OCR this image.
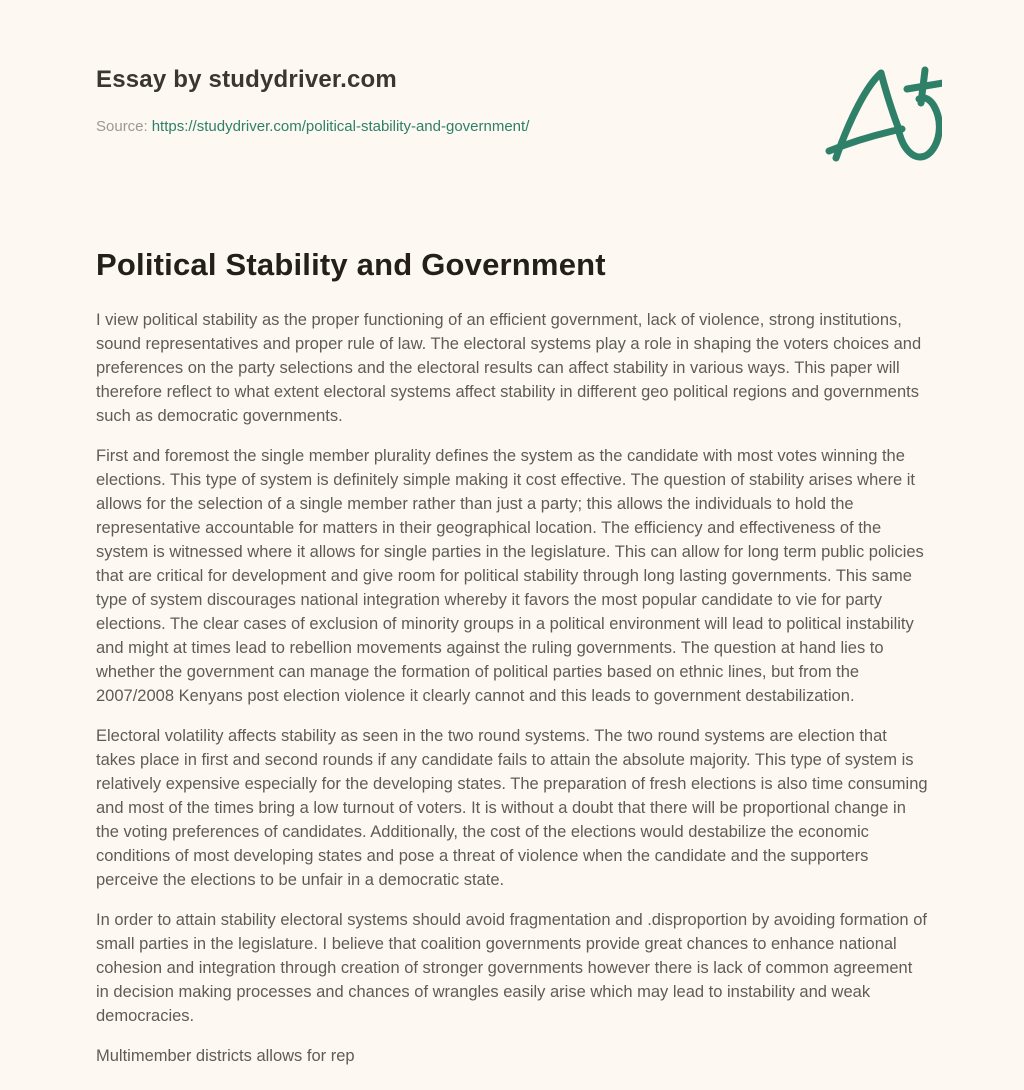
Essay by studydriver.com
Source: https://studydriver.com/political-stability-and-government/
Political Stability and Government

I view political stability as the proper functioning of an efficient government, lack of violence, strong institutions, sound representatives and proper rule of law. The electoral systems play a role in shaping the voters choices and preferences on the party selections and the electoral results can affect stability in various ways. This paper will therefore reflect to what extent electoral systems affect stability in different geo political regions and governments such as democratic governments.

First and foremost the single member plurality defines the system as the candidate with most votes winning the elections. This type of system is definitely simple making it cost effective. The question of stability arises where it allows for the selection of a single member rather than just a party; this allows the individuals to hold the representative accountable for matters in their geographical location. The efficiency and effectiveness of the system is witnessed where it allows for single parties in the legislature. This can allow for long term public policies that are critical for development and give room for political stability through long lasting governments. This same type of system discourages national integration whereby it favors the most popular candidate to vie for party elections. The clear cases of exclusion of minority groups in a political environment will lead to political instability and might at times lead to rebellion movements against the ruling governments. The question at hand lies to whether the government can manage the formation of political parties based on ethnic lines, but from the 2007/2008 Kenyans post election violence it clearly cannot and this leads to government destabilization.

Electoral volatility affects stability as seen in the two round systems. The two round systems are election that takes place in first and second rounds if any candidate fails to attain the absolute majority. This type of system is relatively expensive especially for the developing states. The preparation of fresh elections is also time consuming and most of the times bring a low turnout of voters. It is without a doubt that there will be proportional change in the voting preferences of candidates. Additionally, the cost of the elections would destabilize the economic conditions of most developing states and pose a threat of violence when the candidate and the supporters perceive the elections to be unfair in a democratic state.

In order to attain stability electoral systems should avoid fragmentation and .disproportion by avoiding formation of small parties in the legislature. I believe that coalition governments provide great chances to enhance national cohesion and integration through creation of stronger governments however there is lack of common agreement in decision making processes and chances of wrangles easily arise which may lead to instability and weak democracies.

Multimember districts allows for rep
